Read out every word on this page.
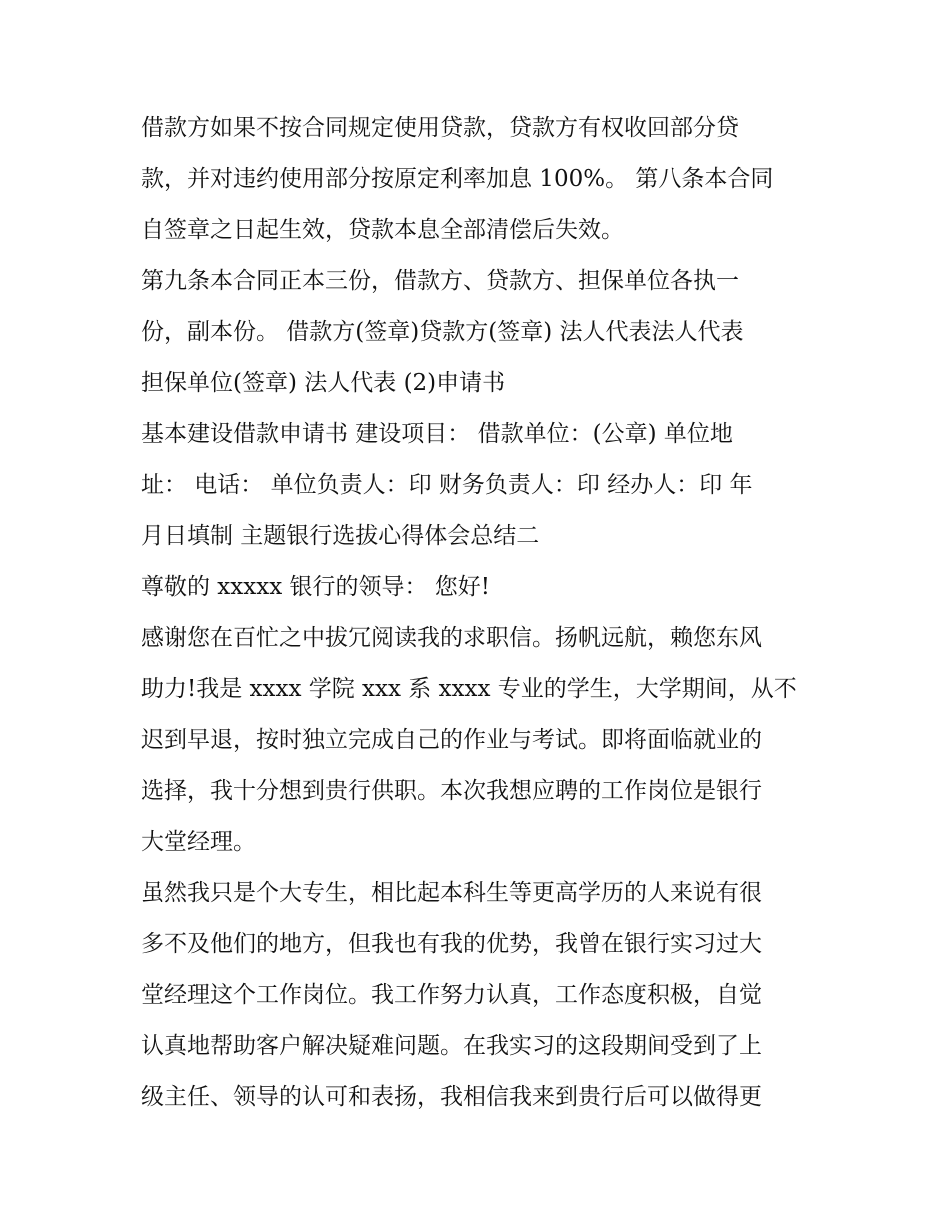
借款方如果不按合同规定使用贷款，贷款方有权收回部分贷
款，并对违约使用部分按原定利率加息 100%。 第八条本合同
自签章之日起生效，贷款本息全部清偿后失效。
第九条本合同正本三份，借款方、贷款方、担保单位各执一
份，副本份。 借款方(签章)贷款方(签章) 法人代表法人代表
担保单位(签章) 法人代表 (2)申请书
基本建设借款申请书 建设项目： 借款单位：(公章) 单位地
址： 电话： 单位负责人：印 财务负责人：印 经办人：印 年
月日填制 主题银行选拔心得体会总结二
尊敬的 xxxxx 银行的领导： 您好!
感谢您在百忙之中拔冗阅读我的求职信。扬帆远航，赖您东风
助力!我是 xxxx 学院 xxx 系 xxxx 专业的学生，大学期间，从不
迟到早退，按时独立完成自己的作业与考试。即将面临就业的
选择，我十分想到贵行供职。本次我想应聘的工作岗位是银行
大堂经理。
虽然我只是个大专生，相比起本科生等更高学历的人来说有很
多不及他们的地方，但我也有我的优势，我曾在银行实习过大
堂经理这个工作岗位。我工作努力认真，工作态度积极，自觉
认真地帮助客户解决疑难问题。在我实习的这段期间受到了上
级主任、领导的认可和表扬，我相信我来到贵行后可以做得更
